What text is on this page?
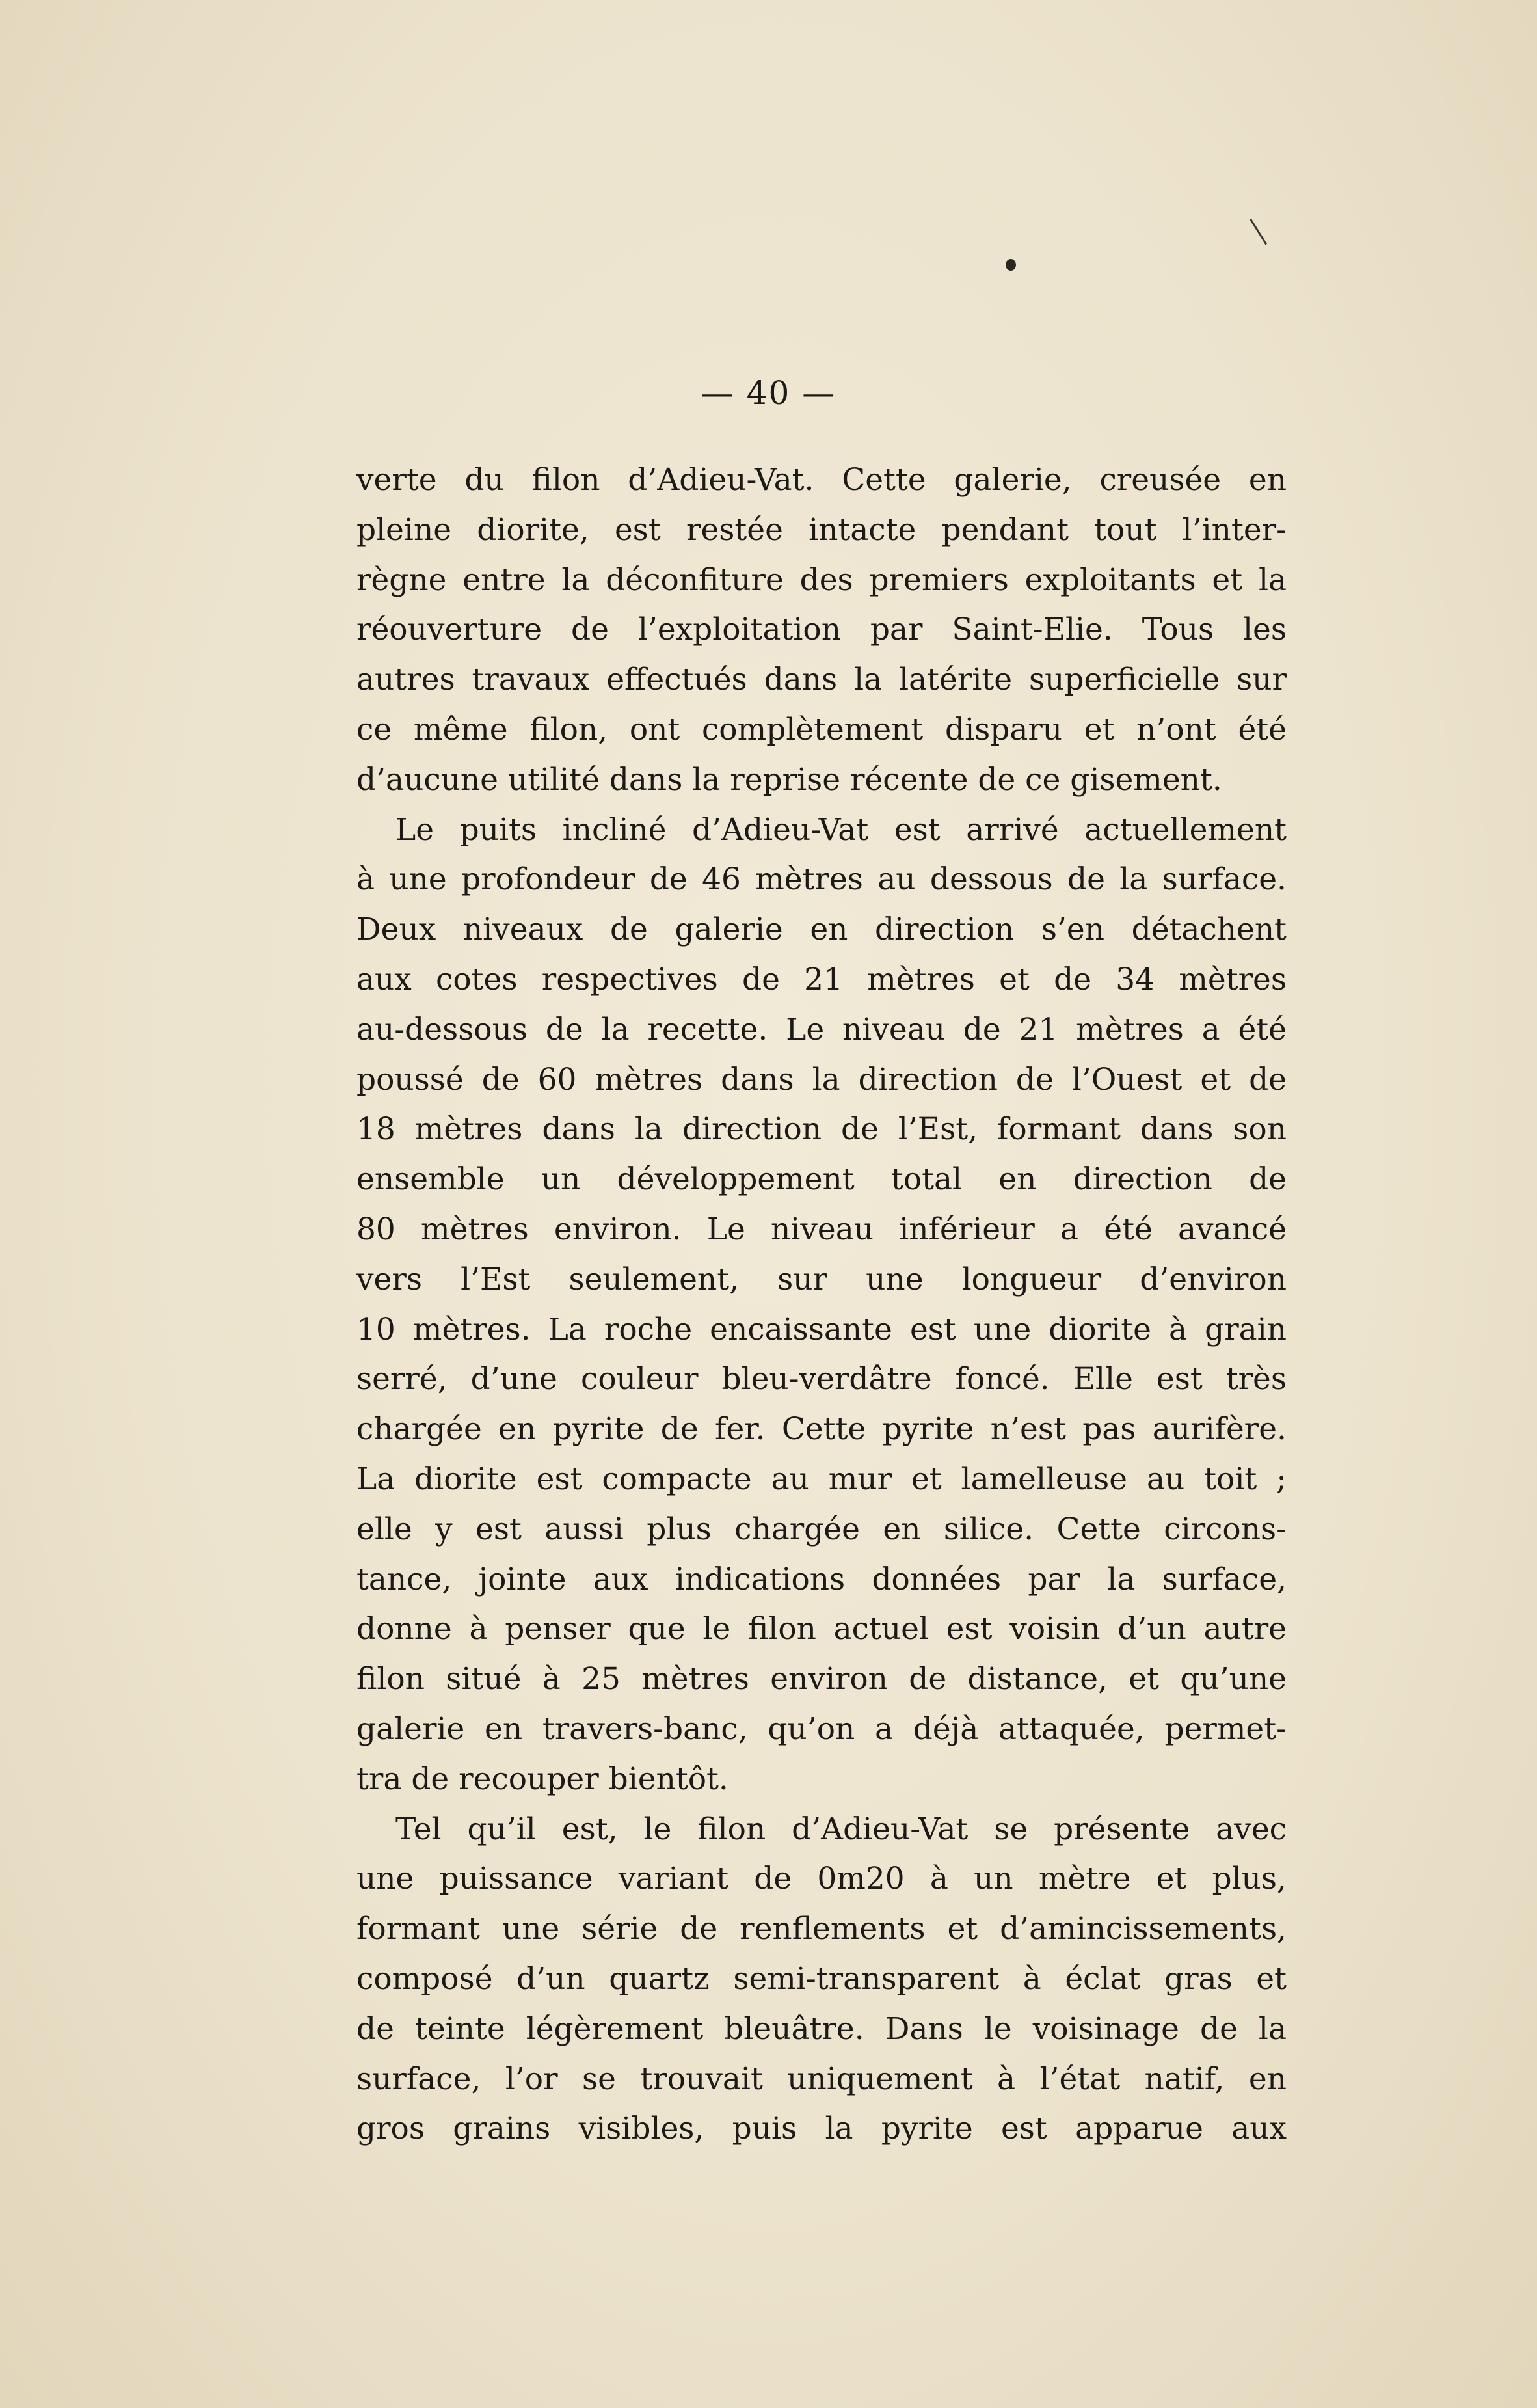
— 40 —
verte du filon d’Adieu-Vat. Cette galerie, creusée en
pleine diorite, est restée intacte pendant tout l’inter-
règne entre la déconfiture des premiers exploitants et la
réouverture de l’exploitation par Saint-Elie. Tous les
autres travaux effectués dans la latérite superficielle sur
ce même filon, ont complètement disparu et n’ont été
d’aucune utilité dans la reprise récente de ce gisement.
Le puits incliné d’Adieu-Vat est arrivé actuellement
à une profondeur de 46 mètres au dessous de la surface.
Deux niveaux de galerie en direction s’en détachent
aux cotes respectives de 21 mètres et de 34 mètres
au-dessous de la recette. Le niveau de 21 mètres a été
poussé de 60 mètres dans la direction de l’Ouest et de
18 mètres dans la direction de l’Est, formant dans son
ensemble un développement total en direction de
80 mètres environ. Le niveau inférieur a été avancé
vers l’Est seulement, sur une longueur d’environ
10 mètres. La roche encaissante est une diorite à grain
serré, d’une couleur bleu-verdâtre foncé. Elle est très
chargée en pyrite de fer. Cette pyrite n’est pas aurifère.
La diorite est compacte au mur et lamelleuse au toit ;
elle y est aussi plus chargée en silice. Cette circons-
tance, jointe aux indications données par la surface,
donne à penser que le filon actuel est voisin d’un autre
filon situé à 25 mètres environ de distance, et qu’une
galerie en travers-banc, qu’on a déjà attaquée, permet-
tra de recouper bientôt.
Tel qu’il est, le filon d’Adieu-Vat se présente avec
une puissance variant de 0m20 à un mètre et plus,
formant une série de renflements et d’amincissements,
composé d’un quartz semi-transparent à éclat gras et
de teinte légèrement bleuâtre. Dans le voisinage de la
surface, l’or se trouvait uniquement à l’état natif, en
gros grains visibles, puis la pyrite est apparue aux
